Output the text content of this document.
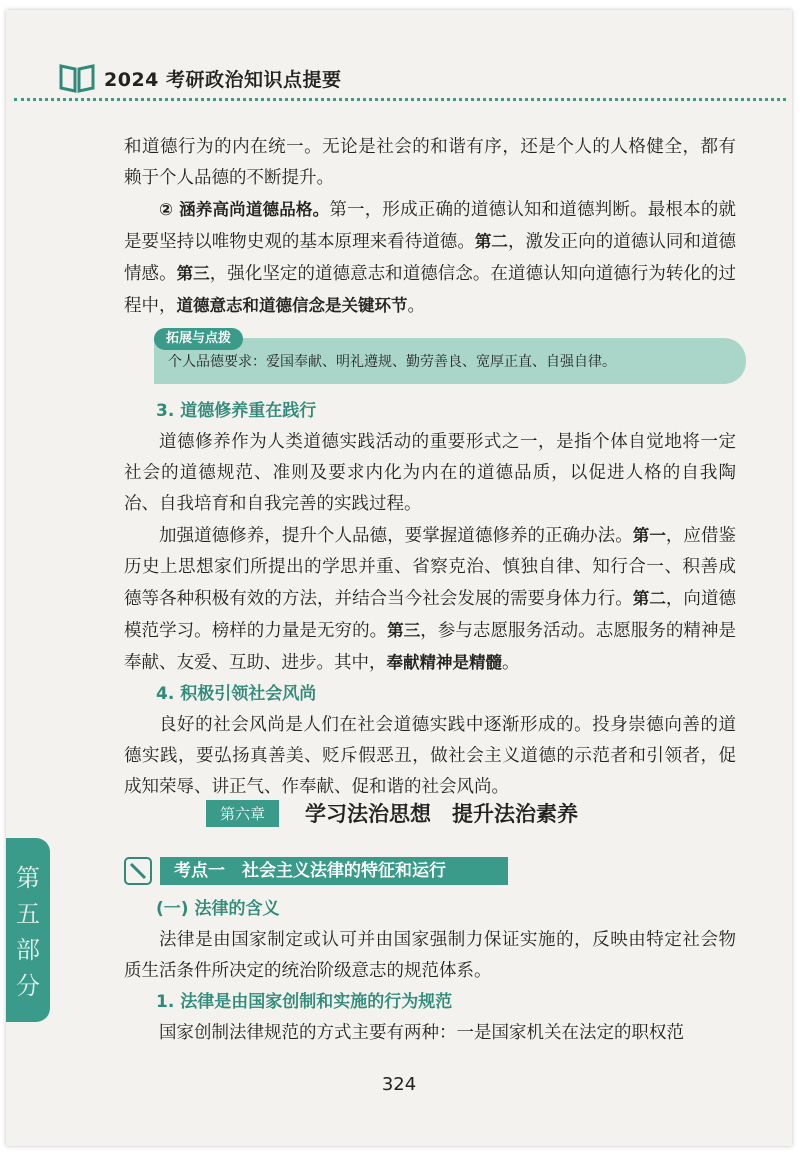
2024 考研政治知识点提要

和道德行为的内在统一。无论是社会的和谐有序，还是个人的人格健全，都有赖于个人品德的不断提升。

② 涵养高尚道德品格。第一，形成正确的道德认知和道德判断。最根本的就是要坚持以唯物史观的基本原理来看待道德。第二，激发正向的道德认同和道德情感。第三，强化坚定的道德意志和道德信念。在道德认知向道德行为转化的过程中，道德意志和道德信念是关键环节。

拓展与点拨
个人品德要求：爱国奉献、明礼遵规、勤劳善良、宽厚正直、自强自律。

3. 道德修养重在践行

道德修养作为人类道德实践活动的重要形式之一，是指个体自觉地将一定社会的道德规范、准则及要求内化为内在的道德品质，以促进人格的自我陶冶、自我培育和自我完善的实践过程。

加强道德修养，提升个人品德，要掌握道德修养的正确办法。第一，应借鉴历史上思想家们所提出的学思并重、省察克治、慎独自律、知行合一、积善成德等各种积极有效的方法，并结合当今社会发展的需要身体力行。第二，向道德模范学习。榜样的力量是无穷的。第三，参与志愿服务活动。志愿服务的精神是奉献、友爱、互助、进步。其中，奉献精神是精髓。

4. 积极引领社会风尚

良好的社会风尚是人们在社会道德实践中逐渐形成的。投身崇德向善的道德实践，要弘扬真善美、贬斥假恶丑，做社会主义道德的示范者和引领者，促成知荣辱、讲正气、作奉献、促和谐的社会风尚。

第六章	学习法治思想　提升法治素养
考点一　社会主义法律的特征和运行

(一) 法律的含义

法律是由国家制定或认可并由国家强制力保证实施的，反映由特定社会物质生活条件所决定的统治阶级意志的规范体系。

1. 法律是由国家创制和实施的行为规范

国家创制法律规范的方式主要有两种：一是国家机关在法定的职权范

第
五
部
分
324
